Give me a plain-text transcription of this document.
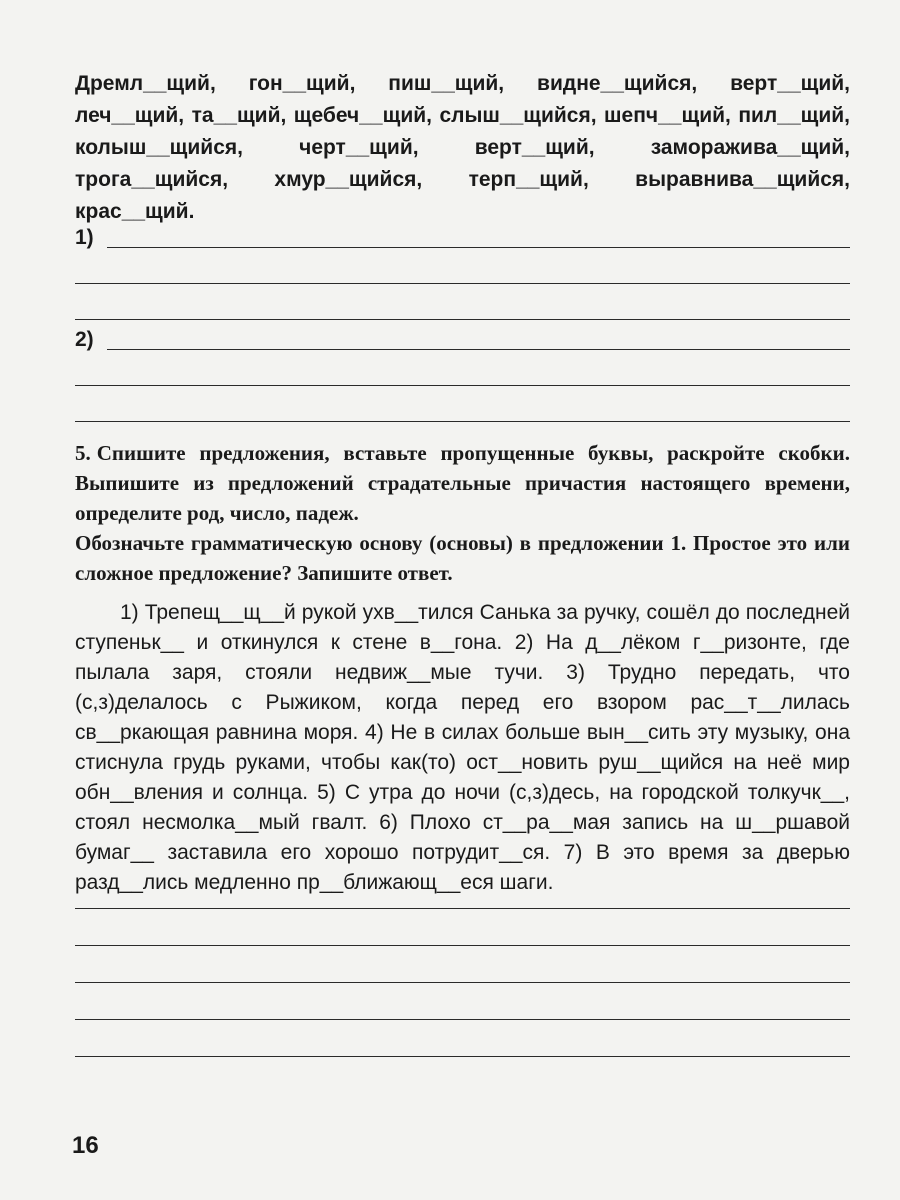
Дремл__щий, гон__щий, пиш__щий, видне__щийся, верт__щий, леч__щий, та__щий, щебеч__щий, слыш__щийся, шепч__щий, пил__щий, колыш__щийся, черт__щий, верт__щий, заморажива__щий, трога__щийся, хмур__щийся, терп__щий, выравнива__щийся, крас__щий.
1)
2)

5. Спишите предложения, вставьте пропущенные буквы, раскройте скобки. Выпишите из предложений страдательные причастия настоящего времени, определите род, число, падеж.

Обозначьте грамматическую основу (основы) в предложении 1. Простое это или сложное предложение? Запишите ответ.

1) Трепещ__щ__й рукой ухв__тился Санька за ручку, сошёл до последней ступеньк__ и откинулся к стене в__гона. 2) На д__лёком г__ризонте, где пылала заря, стояли недвиж__мые тучи. 3) Трудно передать, что (с,з)делалось с Рыжиком, когда перед его взором рас__т__лилась св__ркающая равнина моря. 4) Не в силах больше вын__сить эту музыку, она стиснула грудь руками, чтобы как(то) ост__новить руш__щийся на неё мир обн__вления и солнца. 5) С утра до ночи (с,з)десь, на городской толкучк__, стоял несмолка__мый гвалт. 6) Плохо ст__ра__мая запись на ш__ршавой бумаг__ заставила его хорошо потрудит__ся. 7) В это время за дверью разд__лись медленно пр__ближающ__еся шаги.
16
